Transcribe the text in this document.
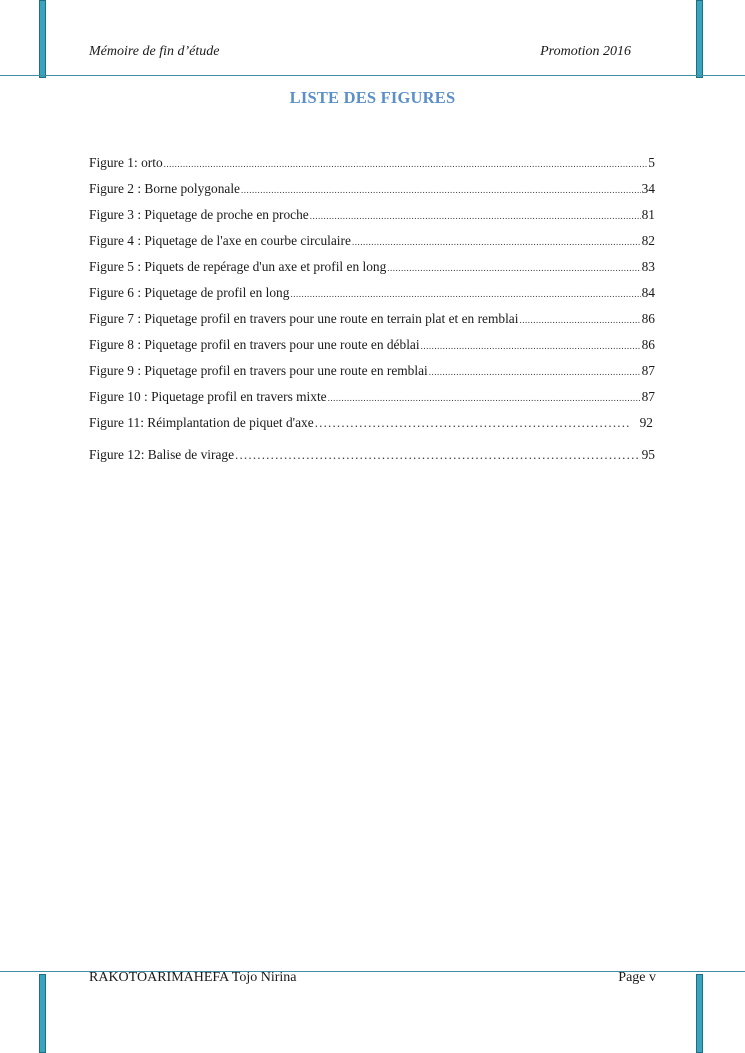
Mémoire de fin d’étude	Promotion 2016
LISTE DES FIGURES
Figure 1: orto .....	5
Figure 2 : Borne polygonale .....	34
Figure 3 : Piquetage de proche en proche .....	81
Figure 4 : Piquetage de l'axe en courbe circulaire .....	82
Figure 5 : Piquets de repérage d'un axe et profil en long .....	83
Figure 6 : Piquetage de profil en long .....	84
Figure 7 : Piquetage profil en travers pour une route en terrain plat et en remblai .....	86
Figure 8 : Piquetage profil en travers pour une route en déblai .....	86
Figure 9 : Piquetage profil en travers pour une route en remblai .....	87
Figure 10 : Piquetage profil en travers mixte .....	87
Figure 11: Réimplantation de piquet d'axe .....	92
Figure 12: Balise de virage .....	95
RAKOTOARIMAHEFA Tojo Nirina	Page v
